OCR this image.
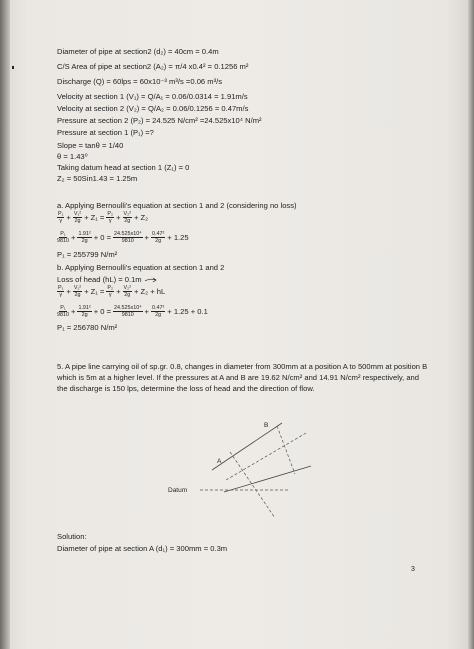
Diameter of pipe at section2 (d₂) = 40cm = 0.4m
C/S Area of pipe at section2 (A₂) = π/4 x0.4² = 0.1256 m²
Discharge (Q) = 60lps = 60x10⁻³ m³/s =0.06 m³/s
Velocity at section 1 (V₁) = Q/A₁ = 0.06/0.0314 = 1.91m/s
Velocity at section 2 (V₂) = Q/A₂ = 0.06/0.1256 = 0.47m/s
Pressure at section 2 (P₂) = 24.525 N/cm² =24.525x10⁴ N/m²
Pressure at section 1 (P₁) =?
Slope = tanθ = 1/40
θ = 1.43⁰
Taking datum head at section 1 (Z₁) = 0
Z₂ = 50Sin1.43 = 1.25m
a. Applying Bernoulli's equation at section 1 and 2 (considering no loss)
$\frac{\text{P₁}}{\gamma} + \frac{\text{V₁²}}{2g} + Z_1 = \frac{\text{P₂}}{\gamma} + \frac{\text{V₂²}}{2g} + Z_2$
$\frac{\text{P₁}}{9810} + \frac{\text{1.91²}}{2g} + 0 = \frac{\text{24.525x10⁴}}{9810} + \frac{\text{0.47²}}{2g} + 1.25$
P₁ = 255799 N/m²
b. Applying Bernoulli's equation at section 1 and 2
Loss of head (hL) = 0.1m
$\frac{\text{P₁}}{\gamma} + \frac{\text{V₁²}}{2g} + Z_1 = \frac{\text{P₂}}{\gamma} + \frac{\text{V₂²}}{2g} + Z_2$ + hL
$\frac{\text{P₁}}{9810} + \frac{\text{1.91²}}{2g} + 0 = \frac{\text{24.525x10⁴}}{9810} + \frac{\text{0.47²}}{2g} + 1.25 + 0.1$
P₁ = 256780 N/m²
5. A pipe line carrying oil of sp.gr. 0.8, changes in diameter from 300mm at a position A to 500mm at position B which is 5m at a higher level. If the pressures at A and B are 19.62 N/cm² and 14.91 N/cm² respectively, and the discharge is 150 lps, determine the loss of head and the direction of flow.
B
A
Datum
Solution:
Diameter of pipe at section A (d₁) = 300mm = 0.3m
3
